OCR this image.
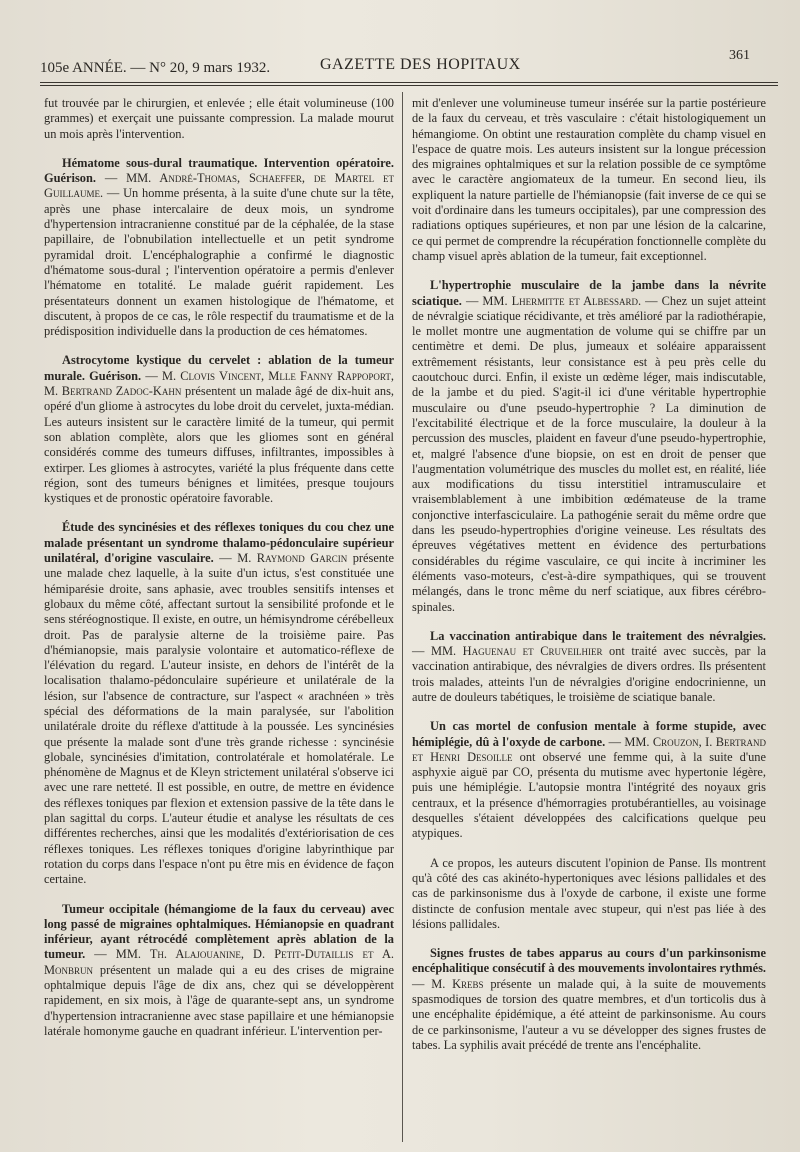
105e ANNÉE. — N° 20, 9 mars 1932.	GAZETTE DES HOPITAUX
361

fut trouvée par le chirurgien, et enlevée ; elle était volumineuse (100 grammes) et exerçait une puissante compression. La malade mourut un mois après l'intervention.

Hématome sous-dural traumatique. Intervention opératoire. Guérison. — MM. André-Thomas, Schaeffer, de Martel et Guillaume. — Un homme présenta, à la suite d'une chute sur la tête, après une phase intercalaire de deux mois, un syndrome d'hypertension intracranienne constitué par de la céphalée, de la stase papillaire, de l'obnubilation intellectuelle et un petit syndrome pyramidal droit. L'encéphalographie a confirmé le diagnostic d'hématome sous-dural ; l'intervention opératoire a permis d'enlever l'hématome en totalité. Le malade guérit rapidement. Les présentateurs donnent un examen histologique de l'hématome, et discutent, à propos de ce cas, le rôle respectif du traumatisme et de la prédisposition individuelle dans la production de ces hématomes.

Astrocytome kystique du cervelet : ablation de la tumeur murale. Guérison. — M. Clovis Vincent, Mlle Fanny Rappoport, M. Bertrand Zadoc-Kahn présentent un malade âgé de dix-huit ans, opéré d'un gliome à astrocytes du lobe droit du cervelet, juxta-médian. Les auteurs insistent sur le caractère limité de la tumeur, qui permit son ablation complète, alors que les gliomes sont en général considérés comme des tumeurs diffuses, infiltrantes, impossibles à extirper. Les gliomes à astrocytes, variété la plus fréquente dans cette région, sont des tumeurs bénignes et limitées, presque toujours kystiques et de pronostic opératoire favorable.

Étude des syncinésies et des réflexes toniques du cou chez une malade présentant un syndrome thalamo-pédonculaire supérieur unilatéral, d'origine vasculaire. — M. Raymond Garcin présente une malade chez laquelle, à la suite d'un ictus, s'est constituée une hémiparésie droite, sans aphasie, avec troubles sensitifs intenses et globaux du même côté, affectant surtout la sensibilité profonde et le sens stéréognostique. Il existe, en outre, un hémisyndrome cérébelleux droit. Pas de paralysie alterne de la troisième paire. Pas d'hémianopsie, mais paralysie volontaire et automatico-réflexe de l'élévation du regard. L'auteur insiste, en dehors de l'intérêt de la localisation thalamo-pédonculaire supérieure et unilatérale de la lésion, sur l'absence de contracture, sur l'aspect « arachnéen » très spécial des déformations de la main paralysée, sur l'abolition unilatérale droite du réflexe d'attitude à la poussée. Les syncinésies que présente la malade sont d'une très grande richesse : syncinésie globale, syncinésies d'imitation, controlatérale et homolatérale. Le phénomène de Magnus et de Kleyn strictement unilatéral s'observe ici avec une rare netteté. Il est possible, en outre, de mettre en évidence des réflexes toniques par flexion et extension passive de la tête dans le plan sagittal du corps. L'auteur étudie et analyse les résultats de ces différentes recherches, ainsi que les modalités d'extériorisation de ces réflexes toniques. Les réflexes toniques d'origine labyrinthique par rotation du corps dans l'espace n'ont pu être mis en évidence de façon certaine.

Tumeur occipitale (hémangiome de la faux du cerveau) avec long passé de migraines ophtalmiques. Hémianopsie en quadrant inférieur, ayant rétrocédé complètement après ablation de la tumeur. — MM. Th. Alajouanine, D. Petit-Dutaillis et A. Monbrun présentent un malade qui a eu des crises de migraine ophtalmique depuis l'âge de dix ans, chez qui se développèrent rapidement, en six mois, à l'âge de quarante-sept ans, un syndrome d'hypertension intracranienne avec stase papillaire et une hémianopsie latérale homonyme gauche en quadrant inférieur. L'intervention per-

mit d'enlever une volumineuse tumeur insérée sur la partie postérieure de la faux du cerveau, et très vasculaire : c'était histologiquement un hémangiome. On obtint une restauration complète du champ visuel en l'espace de quatre mois. Les auteurs insistent sur la longue précession des migraines ophtalmiques et sur la relation possible de ce symptôme avec le caractère angiomateux de la tumeur. En second lieu, ils expliquent la nature partielle de l'hémianopsie (fait inverse de ce qui se voit d'ordinaire dans les tumeurs occipitales), par une compression des radiations optiques supérieures, et non par une lésion de la calcarine, ce qui permet de comprendre la récupération fonctionnelle complète du champ visuel après ablation de la tumeur, fait exceptionnel.

L'hypertrophie musculaire de la jambe dans la névrite sciatique. — MM. Lhermitte et Albessard. — Chez un sujet atteint de névralgie sciatique récidivante, et très amélioré par la radiothérapie, le mollet montre une augmentation de volume qui se chiffre par un centimètre et demi. De plus, jumeaux et soléaire apparaissent extrêmement résistants, leur consistance est à peu près celle du caoutchouc durci. Enfin, il existe un œdème léger, mais indiscutable, de la jambe et du pied. S'agit-il ici d'une véritable hypertrophie musculaire ou d'une pseudo-hypertrophie ? La diminution de l'excitabilité électrique et de la force musculaire, la douleur à la percussion des muscles, plaident en faveur d'une pseudo-hypertrophie, et, malgré l'absence d'une biopsie, on est en droit de penser que l'augmentation volumétrique des muscles du mollet est, en réalité, liée aux modifications du tissu interstitiel intramusculaire et vraisemblablement à une imbibition œdémateuse de la trame conjonctive interfasciculaire. La pathogénie serait du même ordre que dans les pseudo-hypertrophies d'origine veineuse. Les résultats des épreuves végétatives mettent en évidence des perturbations considérables du régime vasculaire, ce qui incite à incriminer les éléments vaso-moteurs, c'est-à-dire sympathiques, qui se trouvent mélangés, dans le tronc même du nerf sciatique, aux fibres cérébro-spinales.

La vaccination antirabique dans le traitement des névralgies. — MM. Haguenau et Cruveilhier ont traité avec succès, par la vaccination antirabique, des névralgies de divers ordres. Ils présentent trois malades, atteints l'un de névralgies d'origine endocrinienne, un autre de douleurs tabétiques, le troisième de sciatique banale.

Un cas mortel de confusion mentale à forme stupide, avec hémiplégie, dû à l'oxyde de carbone. — MM. Crouzon, I. Bertrand et Henri Desoille ont observé une femme qui, à la suite d'une asphyxie aiguë par CO, présenta du mutisme avec hypertonie légère, puis une hémiplégie. L'autopsie montra l'intégrité des noyaux gris centraux, et la présence d'hémorragies protubérantielles, au voisinage desquelles s'étaient développées des calcifications quelque peu atypiques.

A ce propos, les auteurs discutent l'opinion de Panse. Ils montrent qu'à côté des cas akinéto-hypertoniques avec lésions pallidales et des cas de parkinsonisme dus à l'oxyde de carbone, il existe une forme distincte de confusion mentale avec stupeur, qui n'est pas liée à des lésions pallidales.

Signes frustes de tabes apparus au cours d'un parkinsonisme encéphalitique consécutif à des mouvements involontaires rythmés. — M. Krebs présente un malade qui, à la suite de mouvements spasmodiques de torsion des quatre membres, et d'un torticolis dus à une encéphalite épidémique, a été atteint de parkinsonisme. Au cours de ce parkinsonisme, l'auteur a vu se développer des signes frustes de tabes. La syphilis avait précédé de trente ans l'encéphalite.
